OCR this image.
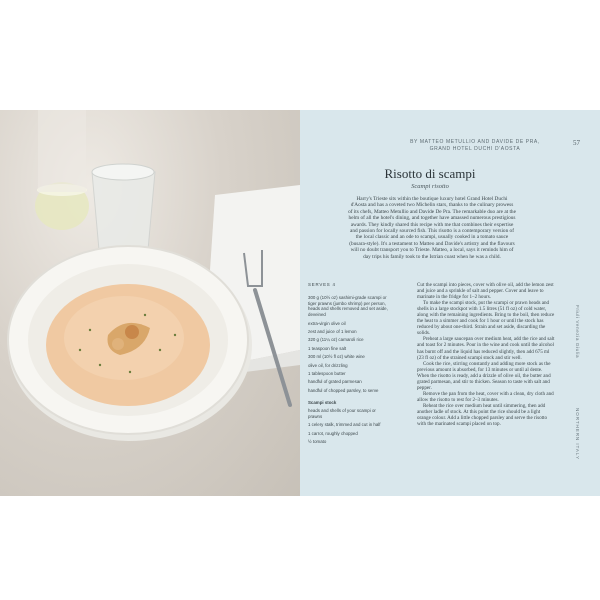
BY MATTEO METULLIO AND DAVIDE DE PRA,
GRAND HOTEL DUCHI D'AOSTA
57
Risotto di scampi
Scampi risotto
Harry's Trieste sits within the boutique luxury hotel Grand Hotel Duchi d'Aosta and has a coveted two Michelin stars, thanks to the culinary prowess of its chefs, Matteo Metullio and Davide De Pra. The remarkable duo are at the helm of all the hotel's dining, and together have amassed numerous prestigious awards. They kindly shared this recipe with me that combines their expertise and passion for locally sourced fish. This risotto is a contemporary version of the local classic and an ode to scampi, usually cooked in a tomato sauce (busara-style). It's a testament to Matteo and Davide's artistry and the flavours will no doubt transport you to Trieste. Matteo, a local, says it reminds him of day trips his family took to the Istrian coast when he was a child.
SERVES 4
300 g (10½ oz) sashimi-grade scampi or tiger prawns (jumbo shrimp) per person, heads and shells removed and set aside, deveined
extra-virgin olive oil
zest and juice of 1 lemon
320 g (11¼ oz) carnaroli rice
1 teaspoon fine salt
300 ml (10½ fl oz) white wine
olive oil, for drizzling
1 tablespoon butter
handful of grated parmesan
handful of chopped parsley, to serve
Scampi stock
heads and shells of your scampi or prawns
1 celery stalk, trimmed and cut in half
1 carrot, roughly chopped
½ tomato

Cut the scampi into pieces, cover with olive oil, add the lemon zest and juice and a sprinkle of salt and pepper. Cover and leave to marinate in the fridge for 1–2 hours.

To make the scampi stock, put the scampi or prawn heads and shells in a large stockpot with 1.5 litres (51 fl oz) of cold water, along with the remaining ingredients. Bring to the boil, then reduce the heat to a simmer and cook for 1 hour or until the stock has reduced by about one-third. Strain and set aside, discarding the solids.

Preheat a large saucepan over medium heat, add the rice and salt and toast for 2 minutes. Pour in the wine and cook until the alcohol has burnt off and the liquid has reduced slightly, then add 675 ml (23 fl oz) of the strained scampi stock and stir well.

Cook the rice, stirring constantly and adding more stock as the previous amount is absorbed, for 13 minutes or until al dente. When the risotto is ready, add a drizzle of olive oil, the butter and grated parmesan, and stir to thicken. Season to taste with salt and pepper.

Remove the pan from the heat, cover with a clean, dry cloth and allow the risotto to rest for 2–3 minutes.

Reheat the rice over medium heat until simmering, then add another ladle of stock. At this point the rice should be a light orange colour. Add a little chopped parsley and serve the risotto with the marinated scampi placed on top.

Friuli Venezia Giulia
NORTHERN ITALY
